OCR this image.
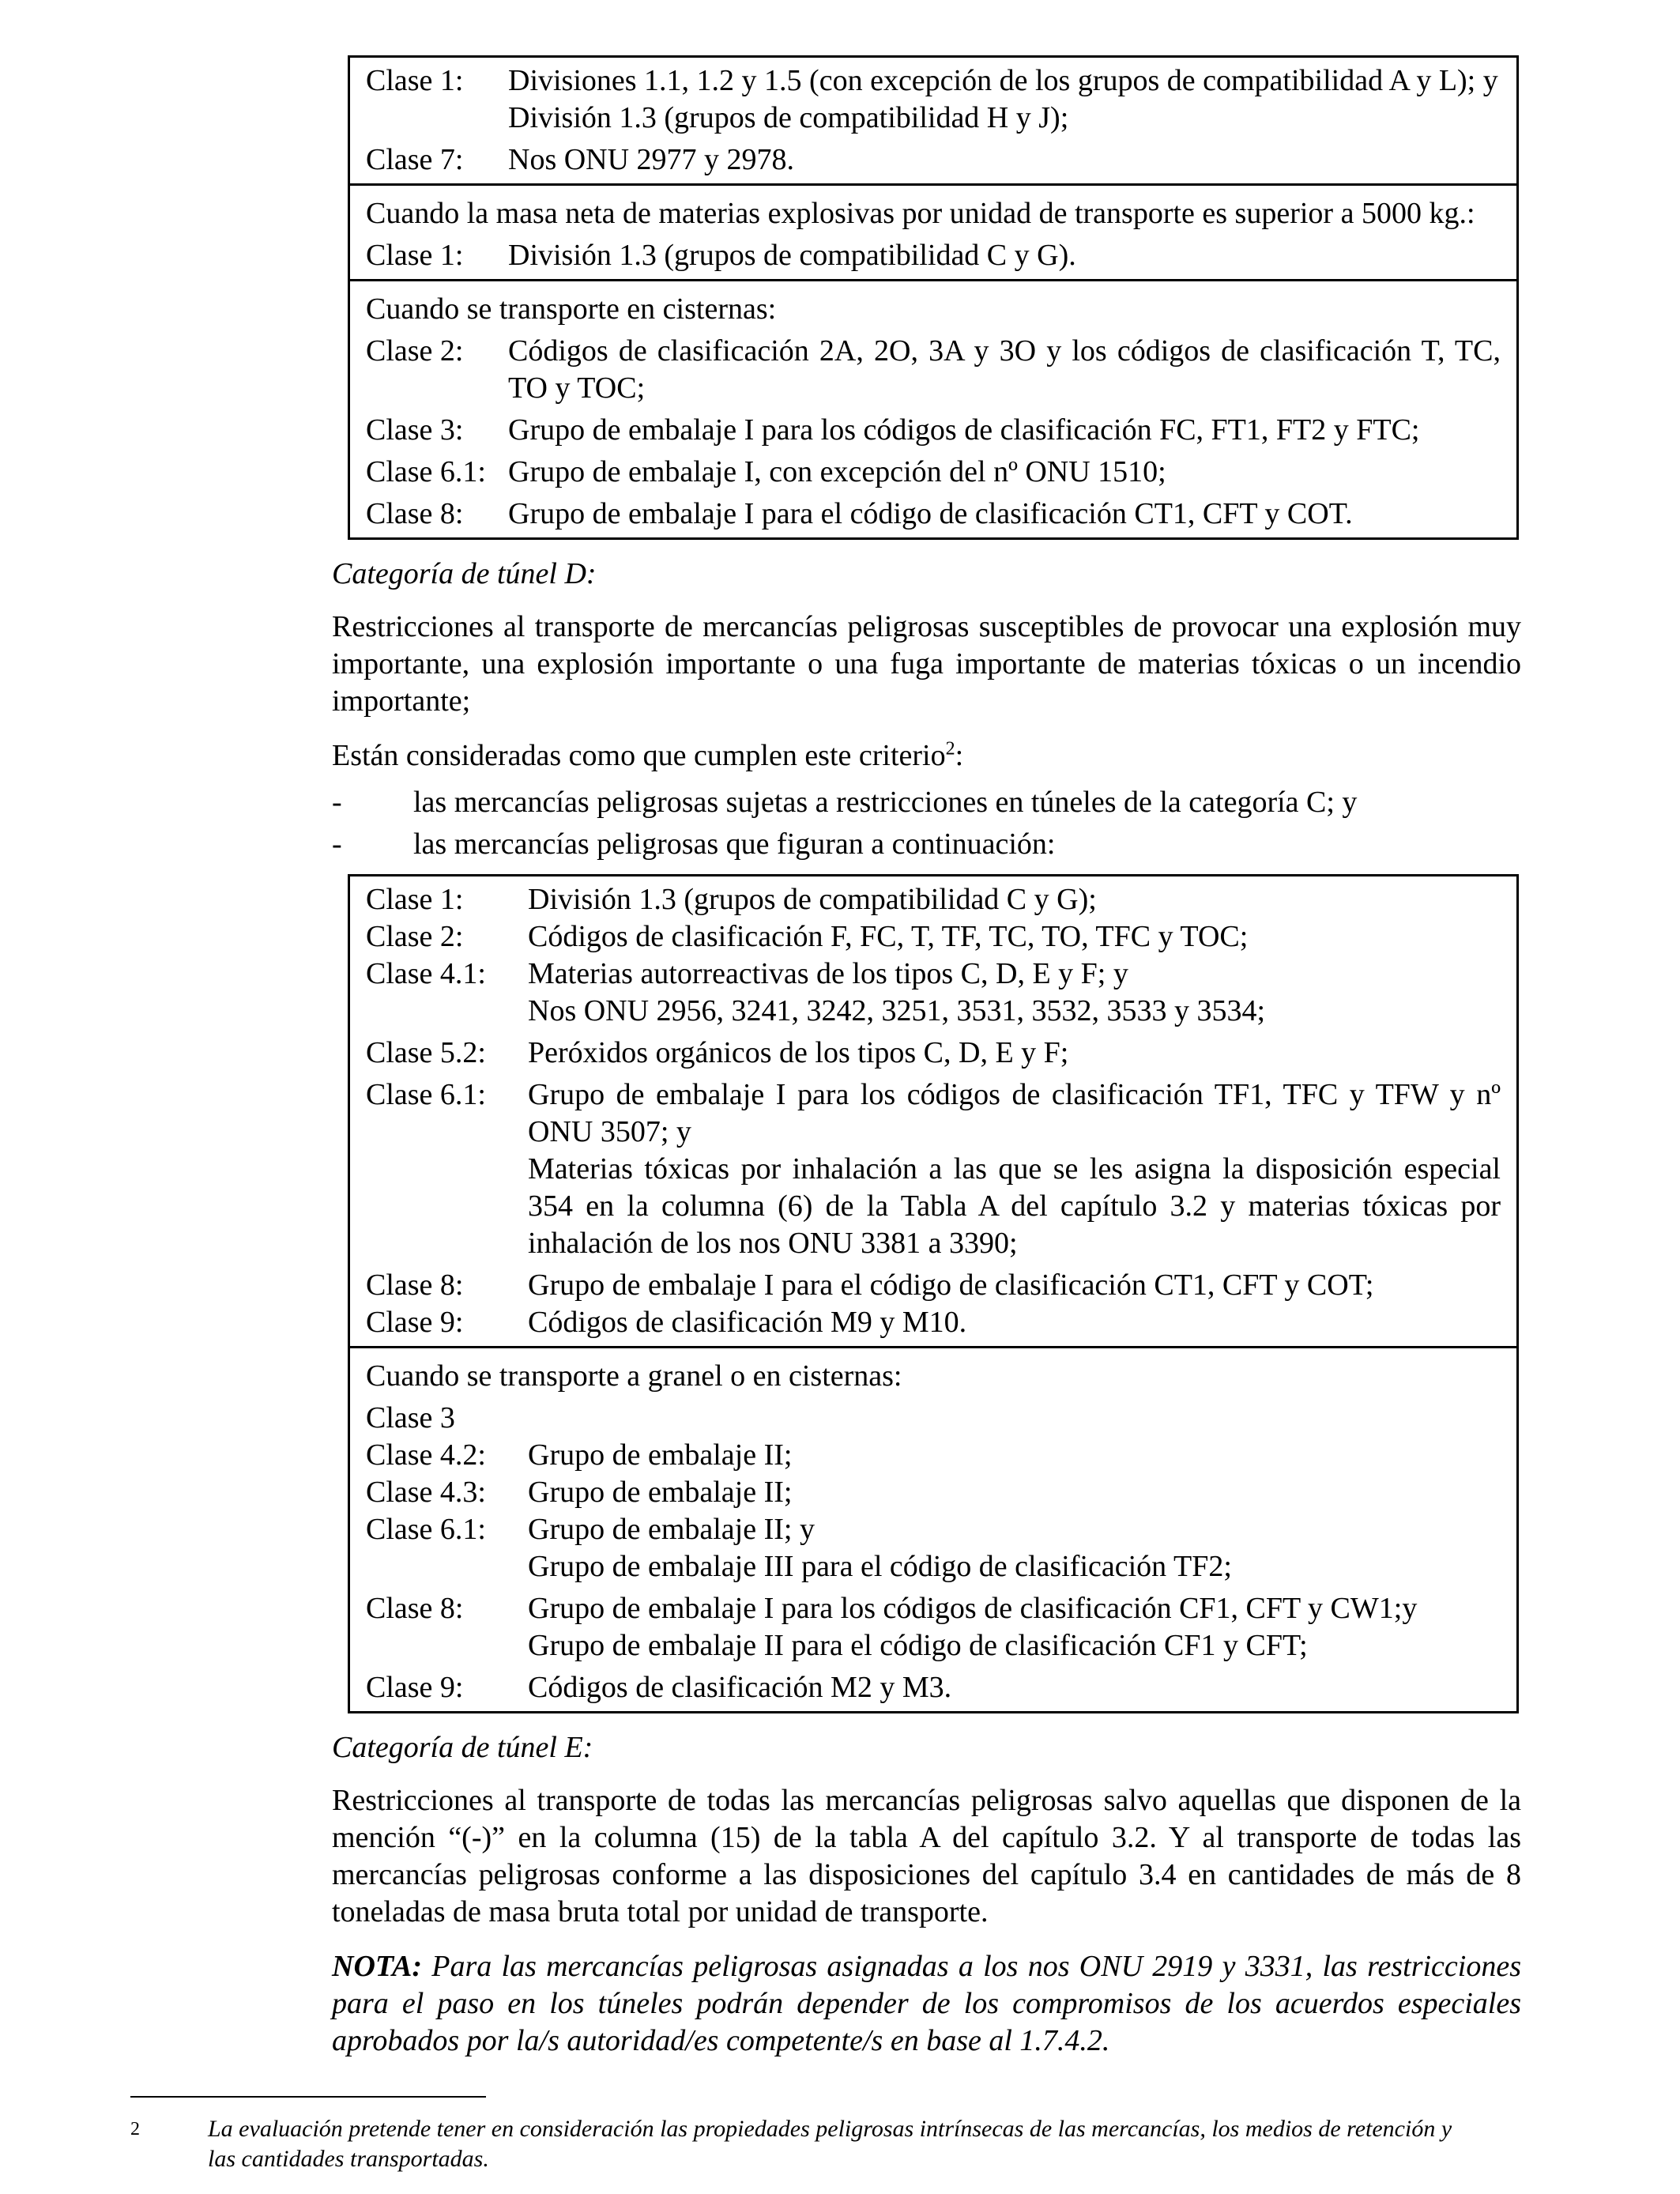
Clase 1:	Divisiones 1.1, 1.2 y 1.5 (con excepción de los grupos de compatibilidad A y L); y
División 1.3 (grupos de compatibilidad H y J);
Clase 7:	Nos ONU 2977 y 2978.
Cuando la masa neta de materias explosivas por unidad de transporte es superior a 5000 kg.:
Clase 1:	División 1.3 (grupos de compatibilidad C y G).
Cuando se transporte en cisternas:
Clase 2:	Códigos de clasificación 2A, 2O, 3A y 3O y los códigos de clasificación T, TC, TO y TOC;
Clase 3:	Grupo de embalaje I para los códigos de clasificación FC, FT1, FT2 y FTC;
Clase 6.1: Grupo de embalaje I, con excepción del nº ONU 1510;
Clase 8:	Grupo de embalaje I para el código de clasificación CT1, CFT y COT.
Categoría de túnel D:

Restricciones al transporte de mercancías peligrosas susceptibles de provocar una explosión muy importante, una explosión importante o una fuga importante de materias tóxicas o un incendio importante;

Están consideradas como que cumplen este criterio$^2$:

-	las mercancías peligrosas sujetas a restricciones en túneles de la categoría C; y
-	las mercancías peligrosas que figuran a continuación:
Clase 1:	División 1.3 (grupos de compatibilidad C y G);
Clase 2:	Códigos de clasificación F, FC, T, TF, TC, TO, TFC y TOC;
Clase 4.1:	Materias autorreactivas de los tipos C, D, E y F; y
Nos ONU 2956, 3241, 3242, 3251, 3531, 3532, 3533 y 3534;
Clase 5.2:	Peróxidos orgánicos de los tipos C, D, E y F;
Clase 6.1:	Grupo de embalaje I para los códigos de clasificación TF1, TFC y TFW y nº ONU 3507; y
Materias tóxicas por inhalación a las que se les asigna la disposición especial 354 en la columna (6) de la Tabla A del capítulo 3.2 y materias tóxicas por inhalación de los nos ONU 3381 a 3390;
Clase 8:	Grupo de embalaje I para el código de clasificación CT1, CFT y COT;
Clase 9:	Códigos de clasificación M9 y M10.
Cuando se transporte a granel o en cisternas:
Clase 3
Clase 4.2:	Grupo de embalaje II;
Clase 4.3:	Grupo de embalaje II;
Clase 6.1:	Grupo de embalaje II; y
Grupo de embalaje III para el código de clasificación TF2;
Clase 8:	Grupo de embalaje I para los códigos de clasificación CF1, CFT y CW1;y
Grupo de embalaje II para el código de clasificación CF1 y CFT;
Clase 9:	Códigos de clasificación M2 y M3.
Categoría de túnel E:

Restricciones al transporte de todas las mercancías peligrosas salvo aquellas que disponen de la mención “(-)” en la columna (15) de la tabla A del capítulo 3.2. Y al transporte de todas las mercancías peligrosas conforme a las disposiciones del capítulo 3.4 en cantidades de más de 8 toneladas de masa bruta total por unidad de transporte.

NOTA: Para las mercancías peligrosas asignadas a los nos ONU 2919 y 3331, las restricciones para el paso en los túneles podrán depender de los compromisos de los acuerdos especiales aprobados por la/s autoridad/es competente/s en base al 1.7.4.2.

2	La evaluación pretende tener en consideración las propiedades peligrosas intrínsecas de las mercancías, los medios de retención y las cantidades transportadas.
